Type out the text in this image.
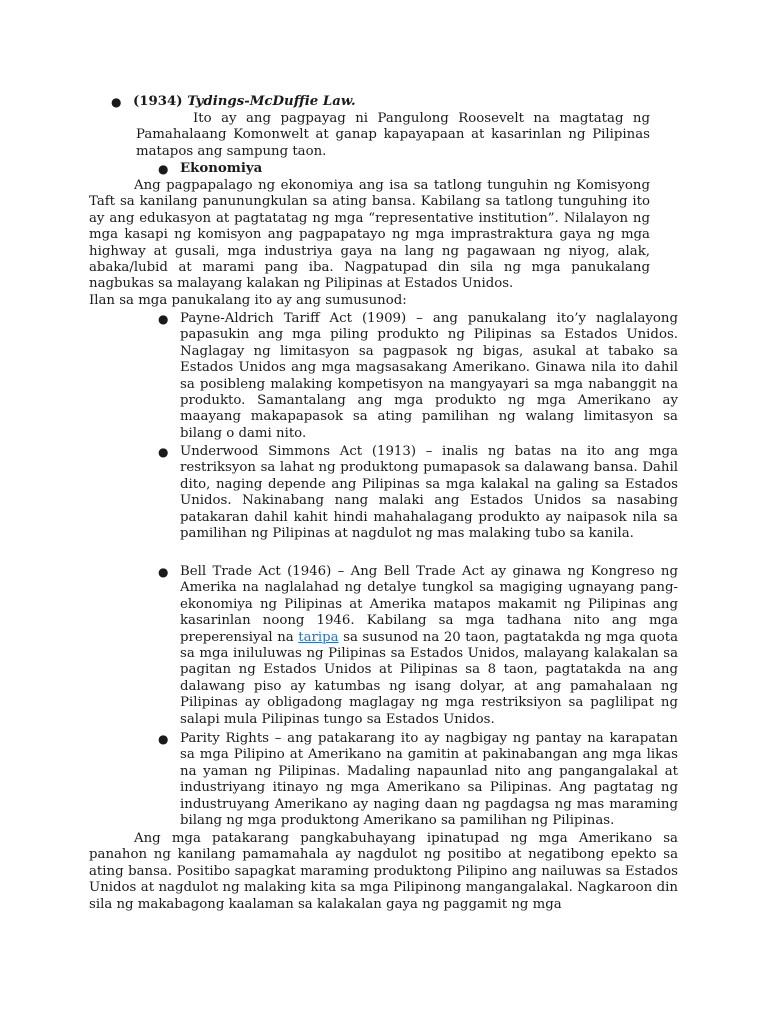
● (1934) Tydings-McDuffie Law.

Ito ay ang pagpayag ni Pangulong Roosevelt na magtatag ng Pamahalaang Komonwelt at ganap kapayapaan at kasarinlan ng Pilipinas matapos ang sampung taon.

● Ekonomiya

Ang pagpapalago ng ekonomiya ang isa sa tatlong tunguhin ng Komisyong Taft sa kanilang panunungkulan sa ating bansa. Kabilang sa tatlong tunguhing ito ay ang edukasyon at pagtatatag ng mga “representative institution”. Nilalayon ng mga kasapi ng komisyon ang pagpapatayo ng mga imprastraktura gaya ng mga highway at gusali, mga industriya gaya na lang ng pagawaan ng niyog, alak, abaka/lubid at marami pang iba. Nagpatupad din sila ng mga panukalang nagbukas sa malayang kalakan ng Pilipinas at Estados Unidos.

Ilan sa mga panukalang ito ay ang sumusunod:

● Payne-Aldrich Tariff Act (1909) – ang panukalang ito’y naglalayong papasukin ang mga piling produkto ng Pilipinas sa Estados Unidos. Naglagay ng limitasyon sa pagpasok ng bigas, asukal at tabako sa Estados Unidos ang mga magsasakang Amerikano. Ginawa nila ito dahil sa posibleng malaking kompetisyon na mangyayari sa mga nabanggit na produkto. Samantalang ang mga produkto ng mga Amerikano ay maayang makapapasok sa ating pamilihan ng walang limitasyon sa bilang o dami nito.

● Underwood Simmons Act (1913) – inalis ng batas na ito ang mga restriksyon sa lahat ng produktong pumapasok sa dalawang bansa. Dahil dito, naging depende ang Pilipinas sa mga kalakal na galing sa Estados Unidos. Nakinabang nang malaki ang Estados Unidos sa nasabing patakaran dahil kahit hindi mahahalagang produkto ay naipasok nila sa pamilihan ng Pilipinas at nagdulot ng mas malaking tubo sa kanila.

● Bell Trade Act (1946) – Ang Bell Trade Act ay ginawa ng Kongreso ng Amerika na naglalahad ng detalye tungkol sa magiging ugnayang pang-ekonomiya ng Pilipinas at Amerika matapos makamit ng Pilipinas ang kasarinlan noong 1946. Kabilang sa mga tadhana nito ang mga preperensiyal na taripa sa susunod na 20 taon, pagtatakda ng mga quota sa mga iniluluwas ng Pilipinas sa Estados Unidos, malayang kalakalan sa pagitan ng Estados Unidos at Pilipinas sa 8 taon, pagtatakda na ang dalawang piso ay katumbas ng isang dolyar, at ang pamahalaan ng Pilipinas ay obligadong maglagay ng mga restriksiyon sa paglilipat ng salapi mula Pilipinas tungo sa Estados Unidos.

● Parity Rights – ang patakarang ito ay nagbigay ng pantay na karapatan sa mga Pilipino at Amerikano na gamitin at pakinabangan ang mga likas na yaman ng Pilipinas. Madaling napaunlad nito ang pangangalakal at industriyang itinayo ng mga Amerikano sa Pilipinas. Ang pagtatag ng industruyang Amerikano ay naging daan ng pagdagsa ng mas maraming bilang ng mga produktong Amerikano sa pamilihan ng Pilipinas.

Ang mga patakarang pangkabuhayang ipinatupad ng mga Amerikano sa panahon ng kanilang pamamahala ay nagdulot ng positibo at negatibong epekto sa ating bansa. Positibo sapagkat maraming produktong Pilipino ang nailuwas sa Estados Unidos at nagdulot ng malaking kita sa mga Pilipinong mangangalakal. Nagkaroon din sila ng makabagong kaalaman sa kalakalan gaya ng paggamit ng mga
